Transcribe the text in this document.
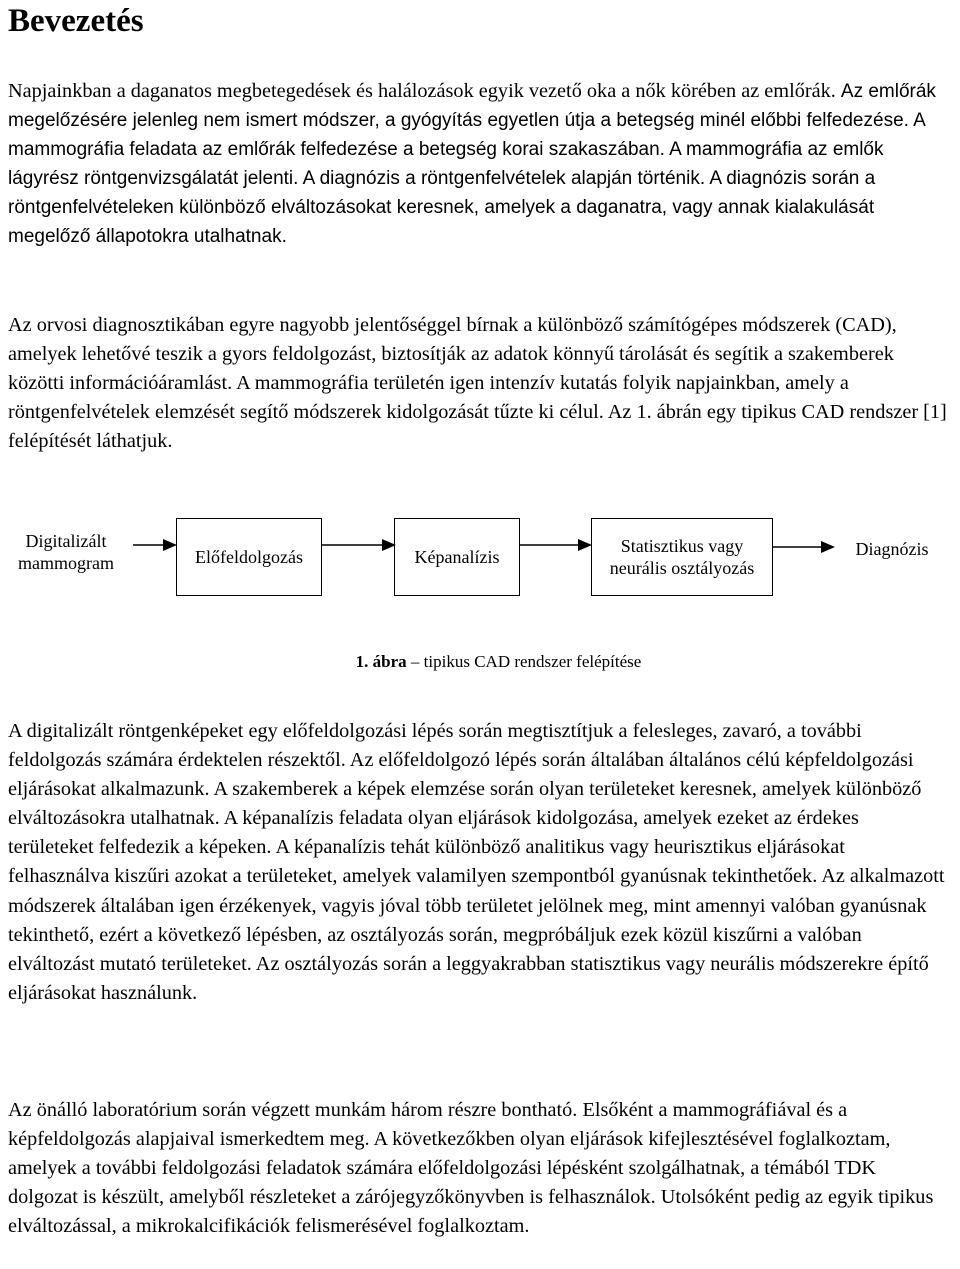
Bevezetés

Napjainkban a daganatos megbetegedések és halálozások egyik vezető oka a nők körében az emlőrák. Az emlőrák megelőzésére jelenleg nem ismert módszer, a gyógyítás egyetlen útja a betegség minél előbbi felfedezése. A mammográfia feladata az emlőrák felfedezése a betegség korai szakaszában. A mammográfia az emlők lágyrész röntgenvizsgálatát jelenti. A diagnózis a röntgenfelvételek alapján történik. A diagnózis során a röntgenfelvételeken különböző elváltozásokat keresnek, amelyek a daganatra, vagy annak kialakulását megelőző állapotokra utalhatnak.

Az orvosi diagnosztikában egyre nagyobb jelentőséggel bírnak a különböző számítógépes módszerek (CAD), amelyek lehetővé teszik a gyors feldolgozást, biztosítják az adatok könnyű tárolását és segítik a szakemberek közötti információáramlást. A mammográfia területén igen intenzív kutatás folyik napjainkban, amely a röntgenfelvételek elemzését segítő módszerek kidolgozását tűzte ki célul. Az 1. ábrán egy tipikus CAD rendszer [1] felépítését láthatjuk.

Digitalizált
mammogram	Előfeldolgozás	Képanalízis
Statisztikus vagy
neurális osztályozás
Diagnózis
1. ábra – tipikus CAD rendszer felépítése

A digitalizált röntgenképeket egy előfeldolgozási lépés során megtisztítjuk a felesleges, zavaró, a további feldolgozás számára érdektelen részektől. Az előfeldolgozó lépés során általában általános célú képfeldolgozási eljárásokat alkalmazunk. A szakemberek a képek elemzése során olyan területeket keresnek, amelyek különböző elváltozásokra utalhatnak. A képanalízis feladata olyan eljárások kidolgozása, amelyek ezeket az érdekes területeket felfedezik a képeken. A képanalízis tehát különböző analitikus vagy heurisztikus eljárásokat felhasználva kiszűri azokat a területeket, amelyek valamilyen szempontból gyanúsnak tekinthetőek. Az alkalmazott módszerek általában igen érzékenyek, vagyis jóval több területet jelölnek meg, mint amennyi valóban gyanúsnak tekinthető, ezért a következő lépésben, az osztályozás során, megpróbáljuk ezek közül kiszűrni a valóban elváltozást mutató területeket. Az osztályozás során a leggyakrabban statisztikus vagy neurális módszerekre építő eljárásokat használunk.

Az önálló laboratórium során végzett munkám három részre bontható. Elsőként a mammográfiával és a képfeldolgozás alapjaival ismerkedtem meg. A következőkben olyan eljárások kifejlesztésével foglalkoztam, amelyek a további feldolgozási feladatok számára előfeldolgozási lépésként szolgálhatnak, a témából TDK dolgozat is készült, amelyből részleteket a zárójegyzőkönyvben is felhasználok. Utolsóként pedig az egyik tipikus elváltozással, a mikrokalcifikációk felismerésével foglalkoztam.
